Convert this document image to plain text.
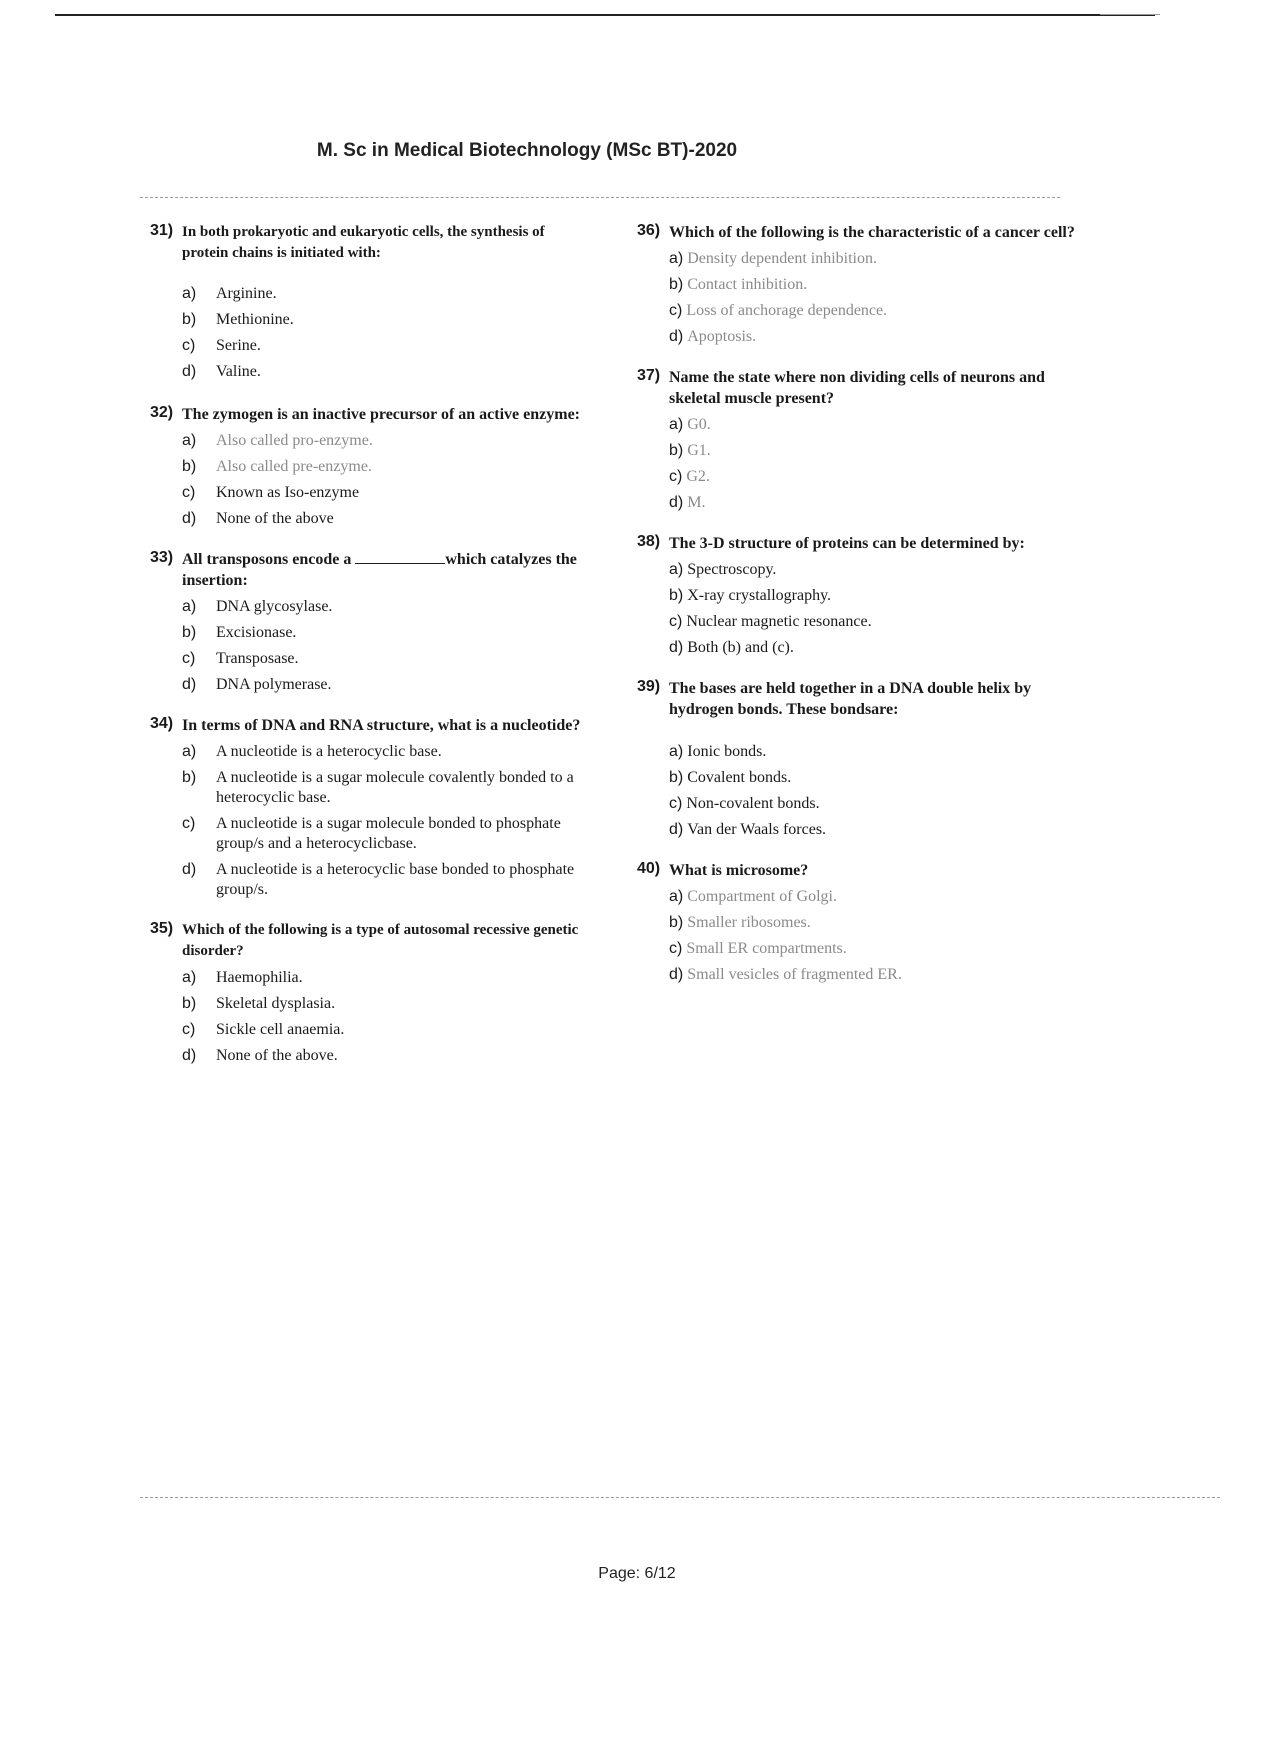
M. Sc in Medical Biotechnology (MSc BT)-2020
31) In both prokaryotic and eukaryotic cells, the synthesis of protein chains is initiated with:
a)	Arginine.
b)	Methionine.
c)	Serine.
d)	Valine.
32) The zymogen is an inactive precursor of an active enzyme:
a)	Also called pro-enzyme.
b)	Also called pre-enzyme.
c)	Known as Iso-enzyme
d)	None of the above
33) All transposons encode a	which catalyzes the insertion:
a)	DNA glycosylase.
b)	Excisionase.
c)	Transposase.
d)	DNA polymerase.
34) In terms of DNA and RNA structure, what is a nucleotide?
a)	A nucleotide is a heterocyclic base.
b)	A nucleotide is a sugar molecule covalently bonded to a heterocyclic base.
c)	A nucleotide is a sugar molecule bonded to phosphate group/s and a heterocyclicbase.
d)	A nucleotide is a heterocyclic base bonded to phosphate group/s.
35) Which of the following is a type of autosomal recessive genetic disorder?
a)	Haemophilia.
b)	Skeletal dysplasia.
c)	Sickle cell anaemia.
d)	None of the above.
36) Which of the following is the characteristic of a cancer cell?
a) Density dependent inhibition.
b) Contact inhibition.
c) Loss of anchorage dependence.
d) Apoptosis.
37) Name the state where non dividing cells of neurons and skeletal muscle present?
a) G0.
b) G1.
c) G2.
d) M.
38) The 3-D structure of proteins can be determined by:
a) Spectroscopy.
b) X-ray crystallography.
c) Nuclear magnetic resonance.
d) Both (b) and (c).
39) The bases are held together in a DNA double helix by hydrogen bonds. These bondsare:
a) Ionic bonds.
b) Covalent bonds.
c) Non-covalent bonds.
d) Van der Waals forces.
40) What is microsome?
a) Compartment of Golgi.
b) Smaller ribosomes.
c) Small ER compartments.
d) Small vesicles of fragmented ER.
Page: 6/12
